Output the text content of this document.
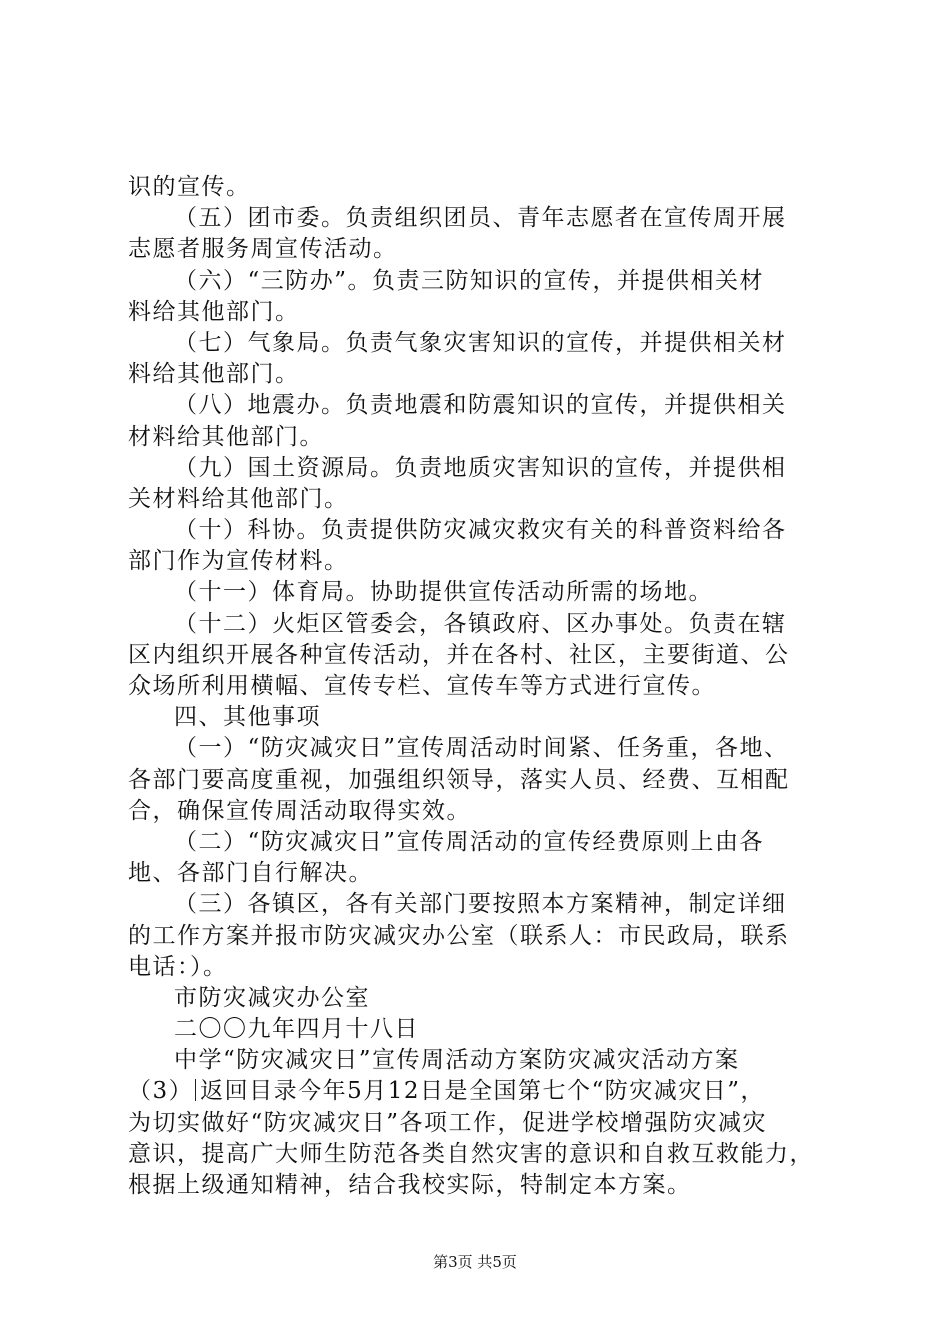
识的宣传。
（五）团市委。负责组织团员、青年志愿者在宣传周开展
志愿者服务周宣传活动。
（六）“三防办”。负责三防知识的宣传，并提供相关材
料给其他部门。
（七）气象局。负责气象灾害知识的宣传，并提供相关材
料给其他部门。
（八）地震办。负责地震和防震知识的宣传，并提供相关
材料给其他部门。
（九）国土资源局。负责地质灾害知识的宣传，并提供相
关材料给其他部门。
（十）科协。负责提供防灾减灾救灾有关的科普资料给各
部门作为宣传材料。
（十一）体育局。协助提供宣传活动所需的场地。
（十二）火炬区管委会，各镇政府、区办事处。负责在辖
区内组织开展各种宣传活动，并在各村、社区，主要街道、公
众场所利用横幅、宣传专栏、宣传车等方式进行宣传。
四、其他事项
（一）“防灾减灾日”宣传周活动时间紧、任务重，各地、
各部门要高度重视，加强组织领导，落实人员、经费、互相配
合，确保宣传周活动取得实效。
（二）“防灾减灾日”宣传周活动的宣传经费原则上由各
地、各部门自行解决。
（三）各镇区，各有关部门要按照本方案精神，制定详细
的工作方案并报市防灾减灾办公室（联系人：市民政局，联系
电话：）。
市防灾减灾办公室
二〇〇九年四月十八日
中学“防灾减灾日”宣传周活动方案防灾减灾活动方案
（3） 返回目录今年5月12日是全国第七个“防灾减灾日”，
为切实做好“防灾减灾日”各项工作，促进学校增强防灾减灾
意识，提高广大师生防范各类自然灾害的意识和自救互救能力，
根据上级通知精神，结合我校实际，特制定本方案。
第3页 共5页
